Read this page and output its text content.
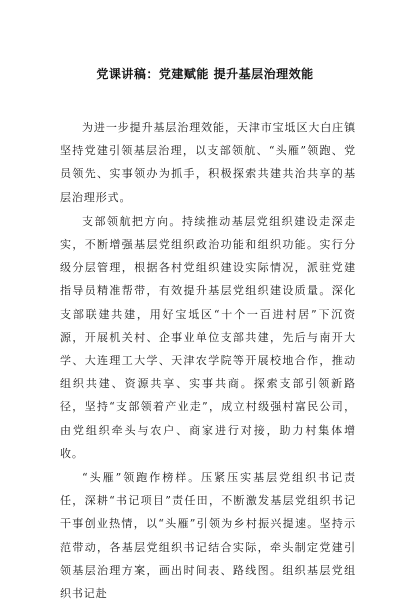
党课讲稿：党建赋能 提升基层治理效能

为进一步提升基层治理效能，天津市宝坻区大白庄镇坚持党建引领基层治理，以支部领航、“头雁”领跑、党员领先、实事领办为抓手，积极探索共建共治共享的基层治理形式。

支部领航把方向。持续推动基层党组织建设走深走实，不断增强基层党组织政治功能和组织功能。实行分级分层管理，根据各村党组织建设实际情况，派驻党建指导员精准帮带，有效提升基层党组织建设质量。深化支部联建共建，用好宝坻区“十个一百进村居”下沉资源，开展机关村、企事业单位支部共建，先后与南开大学、大连理工大学、天津农学院等开展校地合作，推动组织共建、资源共享、实事共商。探索支部引领新路径，坚持“支部领着产业走”，成立村级强村富民公司，由党组织牵头与农户、商家进行对接，助力村集体增收。

“头雁”领跑作榜样。压紧压实基层党组织书记责任，深耕“书记项目”责任田，不断激发基层党组织书记干事创业热情，以“头雁”引领为乡村振兴提速。坚持示范带动，各基层党组织书记结合实际，牵头制定党建引领基层治理方案，画出时间表、路线图。组织基层党组织书记赴
